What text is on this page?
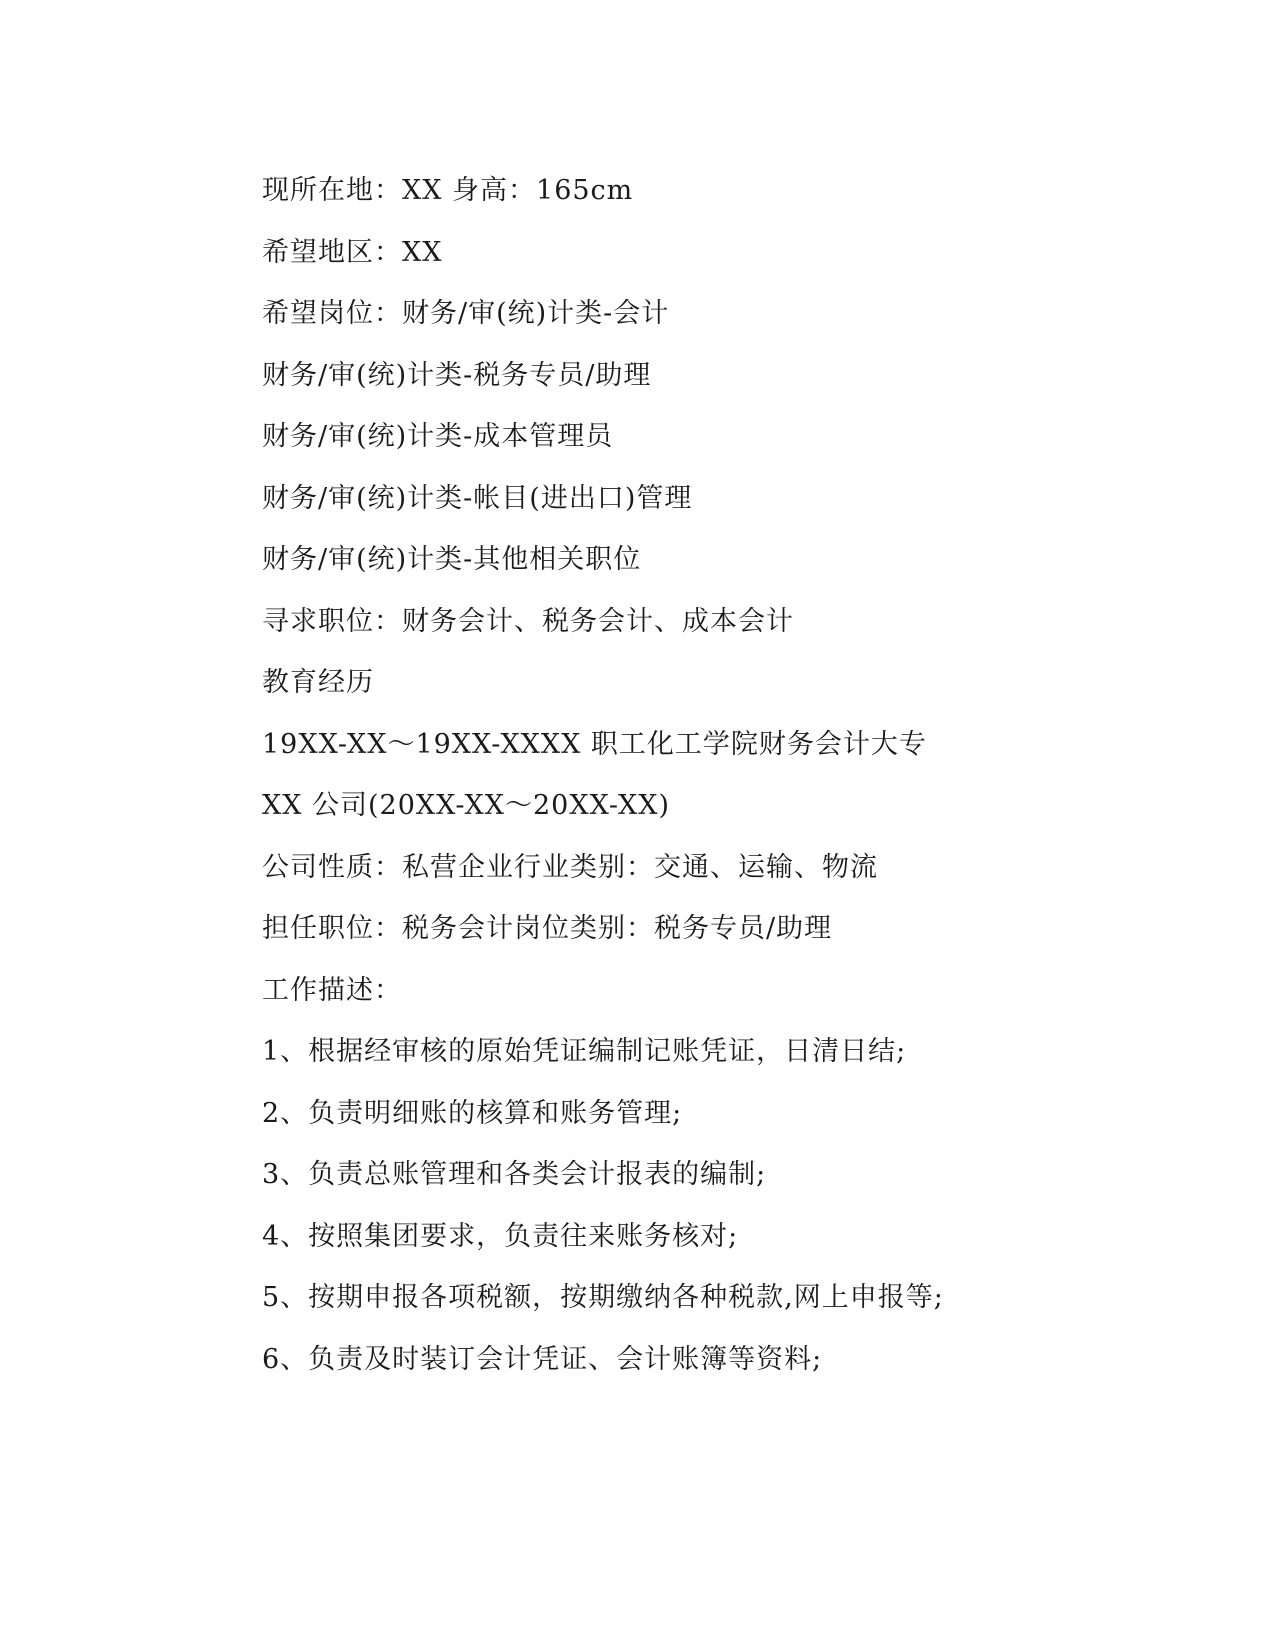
现所在地：XX 身高：165cm
希望地区：XX
希望岗位：财务/审(统)计类-会计
财务/审(统)计类-税务专员/助理
财务/审(统)计类-成本管理员
财务/审(统)计类-帐目(进出口)管理
财务/审(统)计类-其他相关职位
寻求职位：财务会计、税务会计、成本会计
教育经历
19XX-XX～19XX-XXXX 职工化工学院财务会计大专
XX 公司(20XX-XX～20XX-XX)
公司性质：私营企业行业类别：交通、运输、物流
担任职位：税务会计岗位类别：税务专员/助理
工作描述：
1、根据经审核的原始凭证编制记账凭证，日清日结;
2、负责明细账的核算和账务管理;
3、负责总账管理和各类会计报表的编制;
4、按照集团要求，负责往来账务核对;
5、按期申报各项税额，按期缴纳各种税款,网上申报等;
6、负责及时装订会计凭证、会计账簿等资料;
